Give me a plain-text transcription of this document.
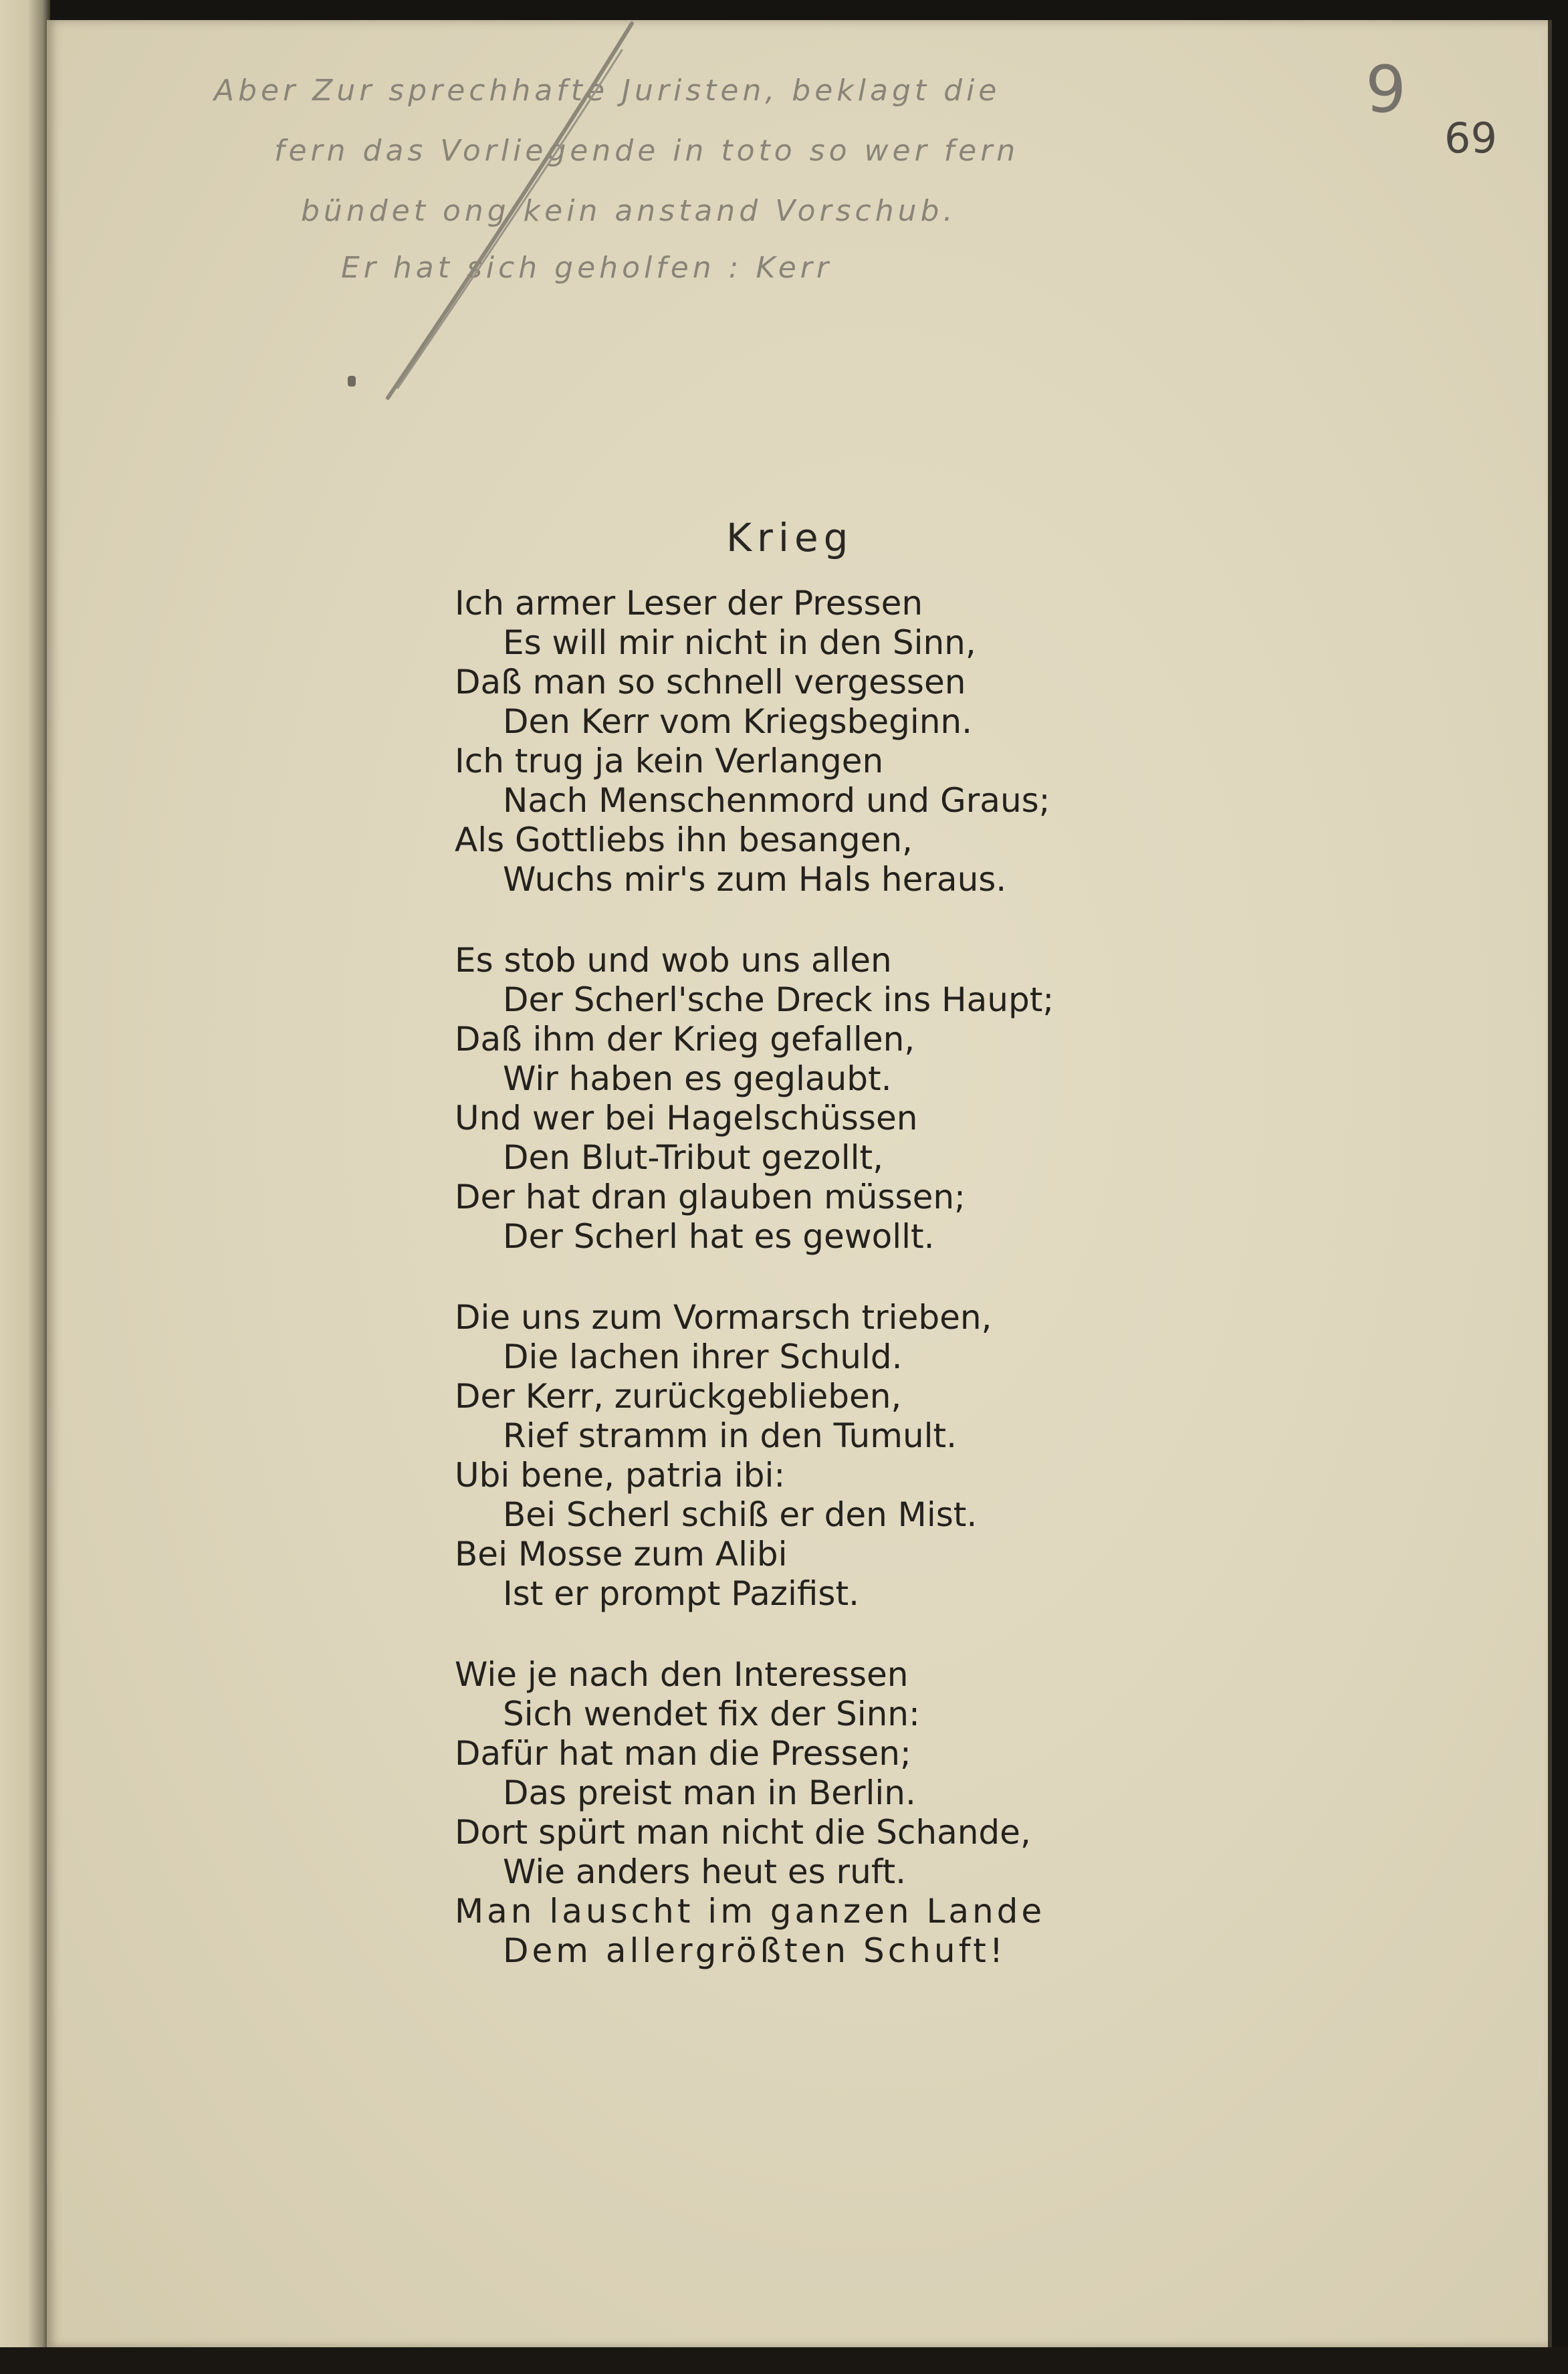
Aber Zur sprechhafte Juristen, beklagt die
fern das Vorliegende in toto so wer fern
bündet ong kein anstand Vorschub.
Er hat sich geholfen : Kerr
9
69
Krieg
Ich armer Leser der Pressen
Es will mir nicht in den Sinn,
Daß man so schnell vergessen
Den Kerr vom Kriegsbeginn.
Ich trug ja kein Verlangen
Nach Menschenmord und Graus;
Als Gottliebs ihn besangen,
Wuchs mir's zum Hals heraus.
Es stob und wob uns allen
Der Scherl'sche Dreck ins Haupt;
Daß ihm der Krieg gefallen,
Wir haben es geglaubt.
Und wer bei Hagelschüssen
Den Blut-Tribut gezollt,
Der hat dran glauben müssen;
Der Scherl hat es gewollt.
Die uns zum Vormarsch trieben,
Die lachen ihrer Schuld.
Der Kerr, zurückgeblieben,
Rief stramm in den Tumult.
Ubi bene, patria ibi:
Bei Scherl schiß er den Mist.
Bei Mosse zum Alibi
Ist er prompt Pazifist.
Wie je nach den Interessen
Sich wendet fix der Sinn:
Dafür hat man die Pressen;
Das preist man in Berlin.
Dort spürt man nicht die Schande,
Wie anders heut es ruft.
Man lauscht im ganzen Lande
Dem allergrößten Schuft!
